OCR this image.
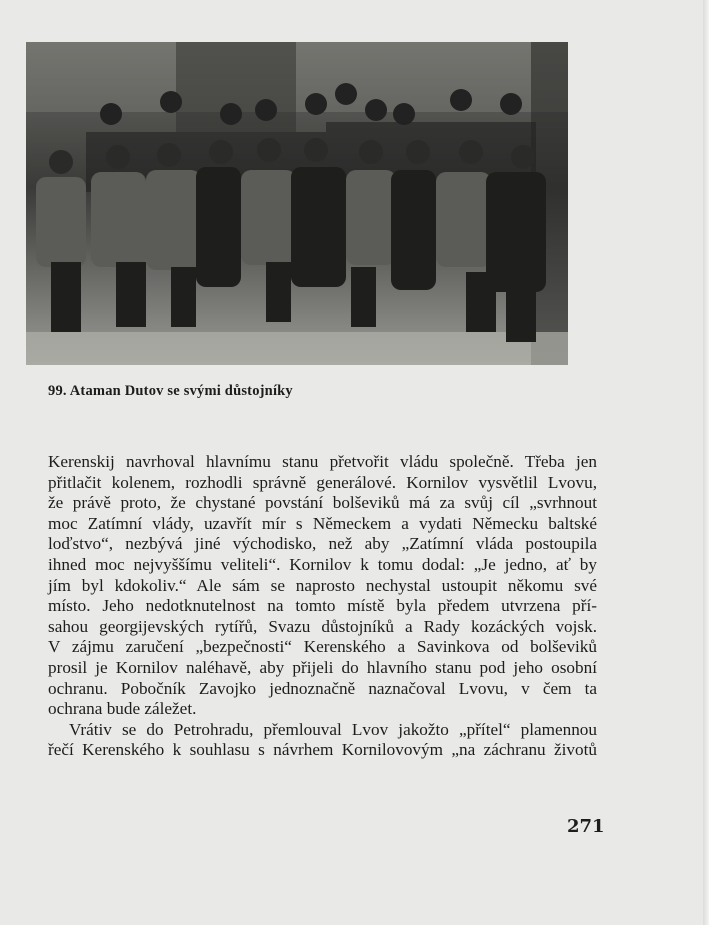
99. Ataman Dutov se svými důstojníky
Kerenskij navrhoval hlavnímu stanu přetvořit vládu společně. Třeba jen
přitlačit kolenem, rozhodli správně generálové. Kornilov vysvětlil Lvovu,
že právě proto, že chystané povstání bolševiků má za svůj cíl „svrhnout
moc Zatímní vlády, uzavřít mír s Německem a vydati Německu baltské
loďstvo“, nezbývá jiné východisko, než aby „Zatímní vláda postoupila
ihned moc nejvyššímu veliteli“. Kornilov k tomu dodal: „Je jedno, ať by
jím byl kdokoliv.“ Ale sám se naprosto nechystal ustoupit někomu své
místo. Jeho nedotknutelnost na tomto místě byla předem utvrzena pří-
sahou georgijevských rytířů, Svazu důstojníků a Rady kozáckých vojsk.
V zájmu zaručení „bezpečnosti“ Kerenského a Savinkova od bolševiků
prosil je Kornilov naléhavě, aby přijeli do hlavního stanu pod jeho osobní
ochranu. Pobočník Zavojko jednoznačně naznačoval Lvovu, v čem ta
ochrana bude záležet.
Vrátiv se do Petrohradu, přemlouval Lvov jakožto „přítel“ plamennou
řečí Kerenského k souhlasu s návrhem Kornilovovým „na záchranu životů
271
